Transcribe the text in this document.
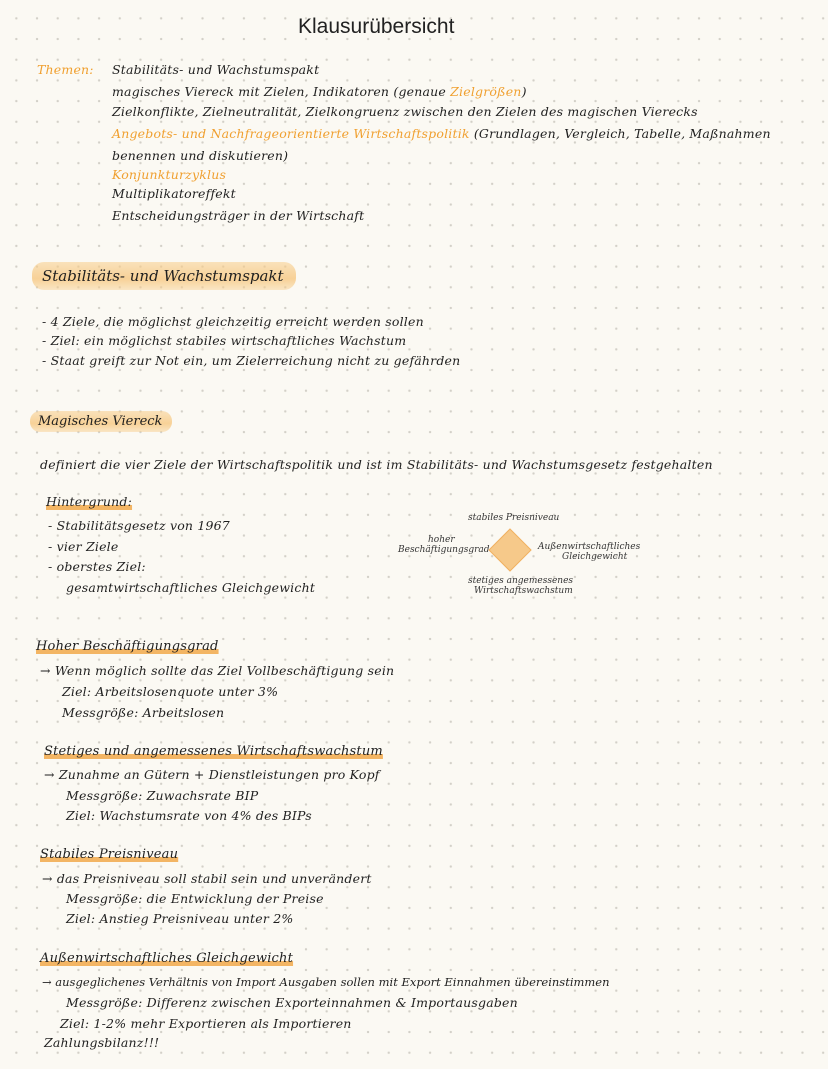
Klausurübersicht
Themen: Stabilitäts- und Wachstumspakt
magisches Viereck mit Zielen, Indikatoren (genaue Zielgrößen)
Zielkonflikte, Zielneutralität, Zielkongruenz zwischen den Zielen des magischen Vierecks
Angebots- und Nachfrageorientierte Wirtschaftspolitik (Grundlagen, Vergleich, Tabelle, Maßnahmen
benennen und diskutieren)
Konjunkturzyklus
Multiplikatoreffekt
Entscheidungsträger in der Wirtschaft
Stabilitäts- und Wachstumspakt
- 4 Ziele, die möglichst gleichzeitig erreicht werden sollen
- Ziel: ein möglichst stabiles wirtschaftliches Wachstum
- Staat greift zur Not ein, um Zielerreichung nicht zu gefährden
Magisches Viereck
definiert die vier Ziele der Wirtschaftspolitik und ist im Stabilitäts- und Wachstumsgesetz festgehalten
Hintergrund:
- Stabilitätsgesetz von 1967
- vier Ziele
- oberstes Ziel:
gesamtwirtschaftliches Gleichgewicht
stabiles Preisniveau
hoher
Beschäftigungsgrad	Außenwirtschaftliches
Gleichgewicht
stetiges angemessenes
Wirtschaftswachstum
Hoher Beschäftigungsgrad
→ Wenn möglich sollte das Ziel Vollbeschäftigung sein
Ziel: Arbeitslosenquote unter 3%
Messgröße: Arbeitslosen
Stetiges und angemessenes Wirtschaftswachstum
→ Zunahme an Gütern + Dienstleistungen pro Kopf
Messgröße: Zuwachsrate BIP
Ziel: Wachstumsrate von 4% des BIPs
Stabiles Preisniveau
→ das Preisniveau soll stabil sein und unverändert
Messgröße: die Entwicklung der Preise
Ziel: Anstieg Preisniveau unter 2%
Außenwirtschaftliches Gleichgewicht
→ ausgeglichenes Verhältnis von Import Ausgaben sollen mit Export Einnahmen übereinstimmen
Messgröße: Differenz zwischen Exporteinnahmen & Importausgaben
Ziel: 1-2% mehr Exportieren als Importieren
Zahlungsbilanz!!!
